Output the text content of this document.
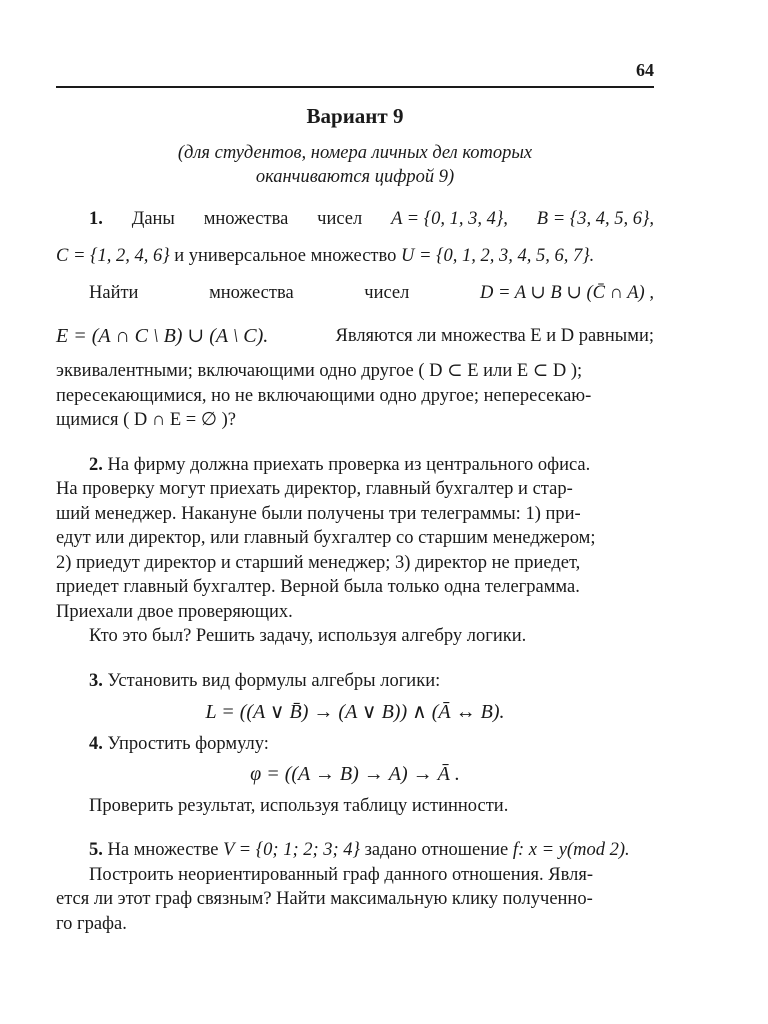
64
Вариант 9
(для студентов, номера личных дел которых
оканчиваются цифрой 9)
1. Даны множества чисел A = {0, 1, 3, 4}, B = {3, 4, 5, 6},
C = {1, 2, 4, 6}
и универсальное множество
U = {0, 1, 2, 3, 4, 5, 6, 7}.
Найти	множества	чисел	D = A ∪ B ∪ (C̄ ∩ A) ,
E = (A ∩ C \ B) ∪ (A \ C).	Являются ли множества E и D равными;
эквивалентными; включающими одно другое ( D ⊂ E или E ⊂ D );
пересекающимися, но не включающими одно другое; непересекаю-
щимися ( D ∩ E = ∅ )?
2. На фирму должна приехать проверка из центрального офиса.
На проверку могут приехать директор, главный бухгалтер и стар-
ший менеджер. Накануне были получены три телеграммы: 1) при-
едут или директор, или главный бухгалтер со старшим менеджером;
2) приедут директор и старший менеджер; 3) директор не приедет,
приедет главный бухгалтер. Верной была только одна телеграмма.
Приехали двое проверяющих.
Кто это был? Решить задачу, используя алгебру логики.
3. Установить вид формулы алгебры логики:
L = ((A ∨ B̄) → (A ∨ B)) ∧ (Ā ↔ B).
4. Упростить формулу:
φ = ((A → B) → A) → Ā .
Проверить результат, используя таблицу истинности.
5. На множестве V = {0; 1; 2; 3; 4} задано отношение f: x = y(mod 2).
Построить неориентированный граф данного отношения. Явля-
ется ли этот граф связным? Найти максимальную клику полученно-
го графа.
